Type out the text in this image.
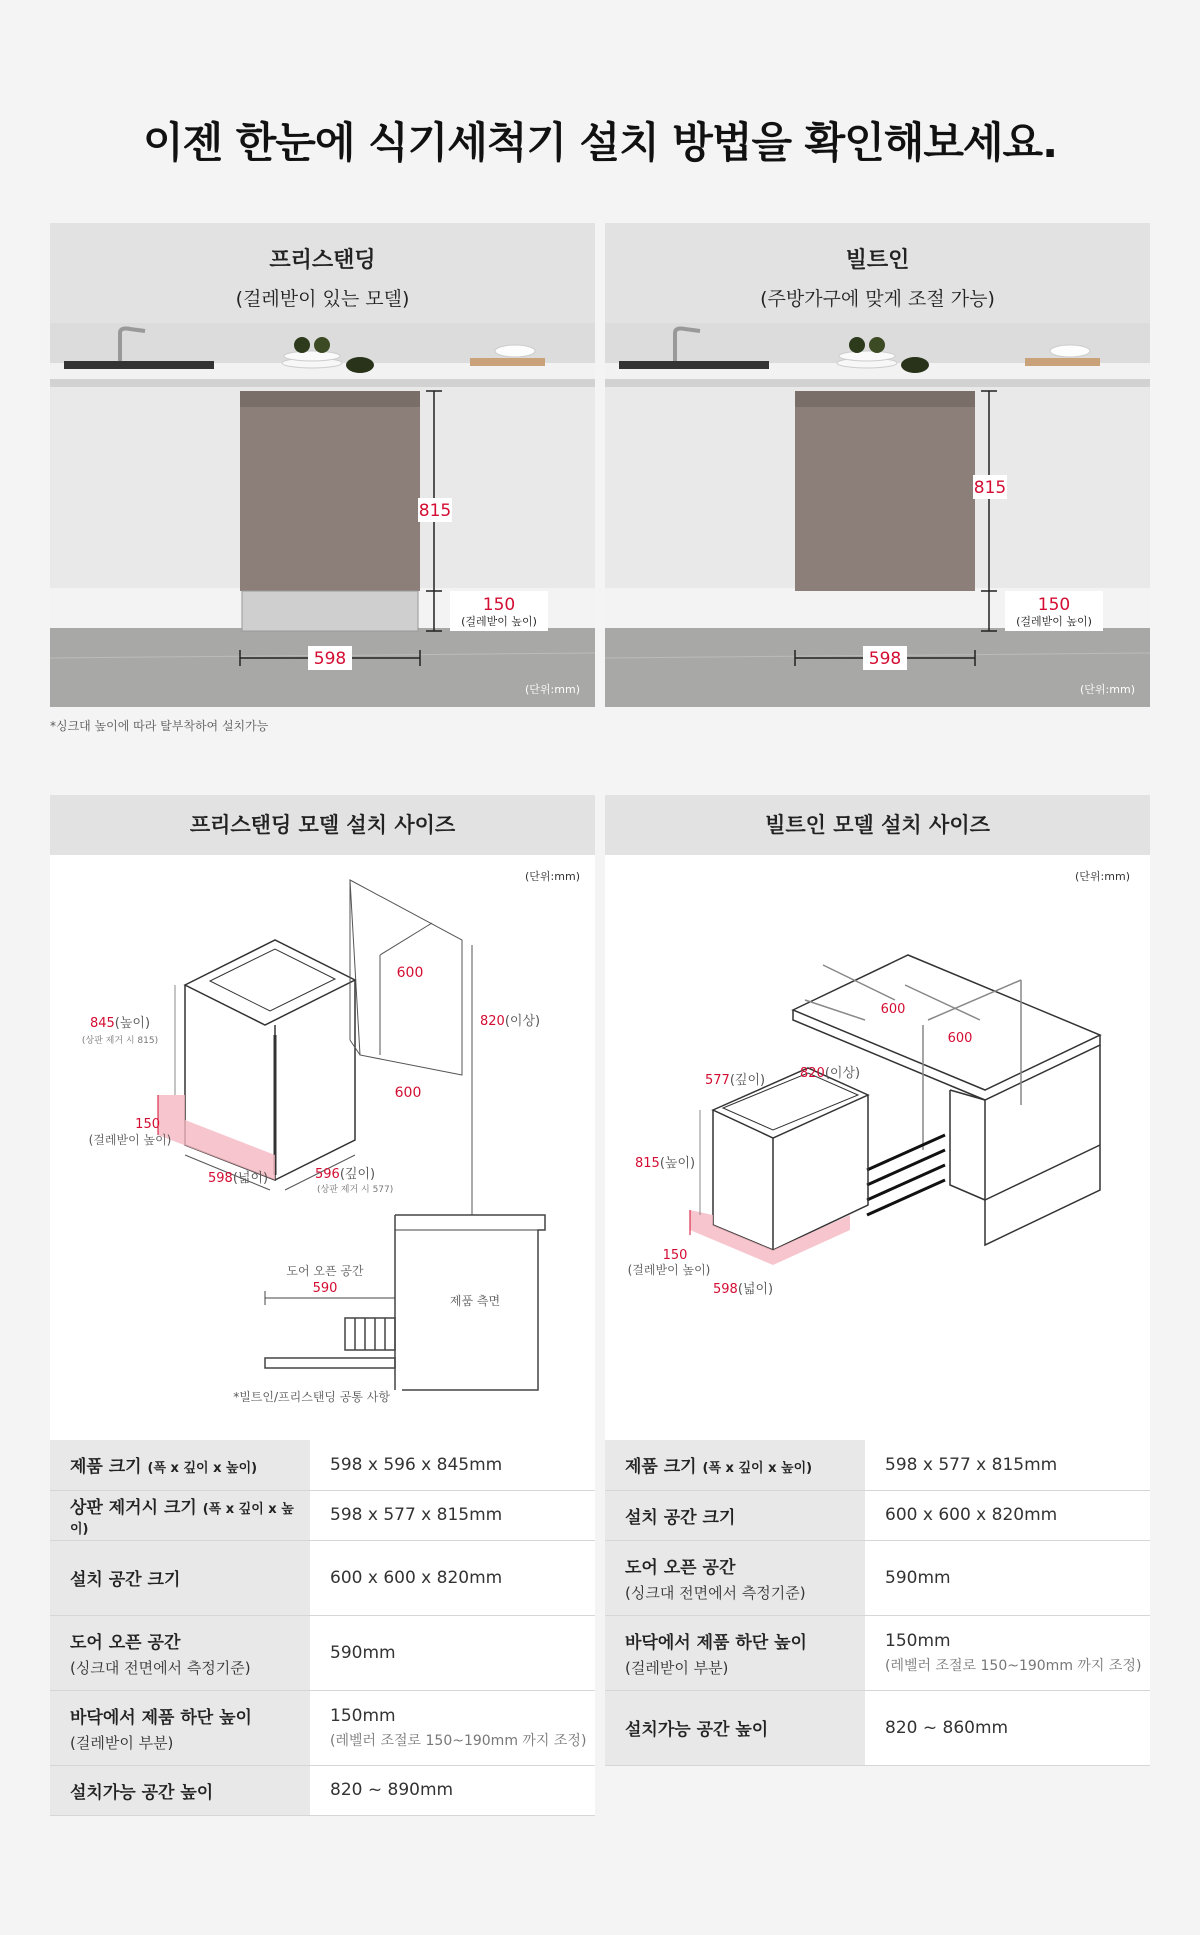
이젠 한눈에 식기세척기 설치 방법을 확인해보세요.
프리스탠딩
(걸레받이 있는 모델)
815
150
(걸레받이 높이)
598
(단위:mm)
빌트인
(주방가구에 맞게 조절 가능)
815
150
(걸레받이 높이)
598
(단위:mm)
*싱크대 높이에 따라 탈부착하여 설치가능
프리스탠딩 모델 설치 사이즈
(단위:mm)
600
600
820(이상)
845(높이)
(상판 제거 시 815)
150
(걸레받이 높이)
598(넓이)	596(깊이)
(상판 제거 시 577)
도어 오픈 공간
590
제품 측면
*빌트인/프리스탠딩 공통 사항
빌트인 모델 설치 사이즈
(단위:mm)
600
600
577(깊이)	820(이상)
815(높이)
150
(걸레받이 높이)
598(넓이)
제품 크기 (폭 x 깊이 x 높이)	598 x 596 x 845mm
상판 제거시 크기 (폭 x 깊이 x 높이)	598 x 577 x 815mm
설치 공간 크기	600 x 600 x 820mm
도어 오픈 공간
(싱크대 전면에서 측정기준)	590mm
바닥에서 제품 하단 높이
(걸레받이 부분)	150mm
(레벨러 조절로 150~190mm 까지 조정)

설치가능 공간 높이	820 ~ 890mm
제품 크기 (폭 x 깊이 x 높이)	598 x 577 x 815mm
설치 공간 크기	600 x 600 x 820mm
도어 오픈 공간
(싱크대 전면에서 측정기준)	590mm
바닥에서 제품 하단 높이
(걸레받이 부분)	150mm
(레벨러 조절로 150~190mm 까지 조정)

설치가능 공간 높이	820 ~ 860mm
